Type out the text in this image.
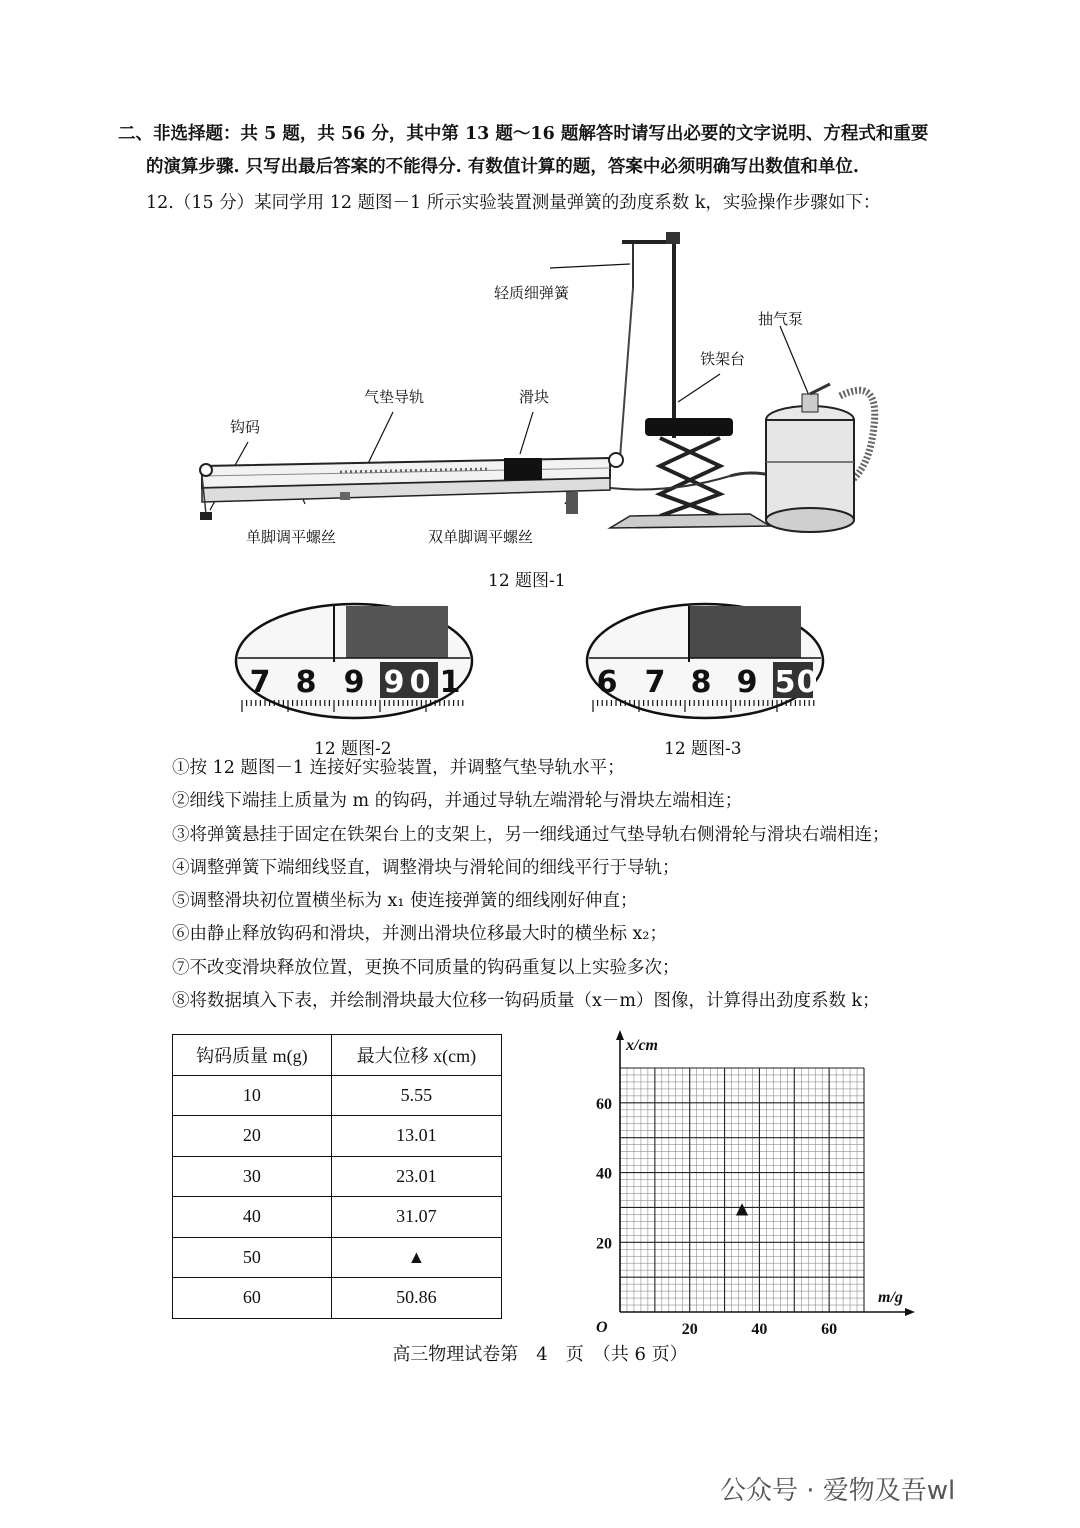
二、非选择题：共 5 题，共 56 分，其中第 13 题～16 题解答时请写出必要的文字说明、方程式和重要
的演算步骤. 只写出最后答案的不能得分. 有数值计算的题，答案中必须明确写出数值和单位.
12.（15 分）某同学用 12 题图－1 所示实验装置测量弹簧的劲度系数 k，实验操作步骤如下：
轻质细弹簧
抽气泵
铁架台
气垫导轨	滑块
钩码
单脚调平螺丝	双单脚调平螺丝
12 题图-1
7 8 9 9 0 1
12 题图-2
6 7 8 9 5 0
12 题图-3
①按 12 题图－1 连接好实验装置，并调整气垫导轨水平；
②细线下端挂上质量为 m 的钩码，并通过导轨左端滑轮与滑块左端相连；
③将弹簧悬挂于固定在铁架台上的支架上，另一细线通过气垫导轨右侧滑轮与滑块右端相连；
④调整弹簧下端细线竖直，调整滑块与滑轮间的细线平行于导轨；
⑤调整滑块初位置横坐标为 x₁ 使连接弹簧的细线刚好伸直；
⑥由静止释放钩码和滑块，并测出滑块位移最大时的横坐标 x₂；
⑦不改变滑块释放位置，更换不同质量的钩码重复以上实验多次；
⑧将数据填入下表，并绘制滑块最大位移一钩码质量（x－m）图像，计算得出劲度系数 k；
钩码质量 m(g)	最大位移 x(cm)
10	5.55
20	13.01
30	23.01
40	31.07
50	▲
60	50.86
x/cm
m/g
O
20
40
60
20	40	60
▲
高三物理试卷第　4　页　（共 6 页）
公众号 · 爱物及吾wl
